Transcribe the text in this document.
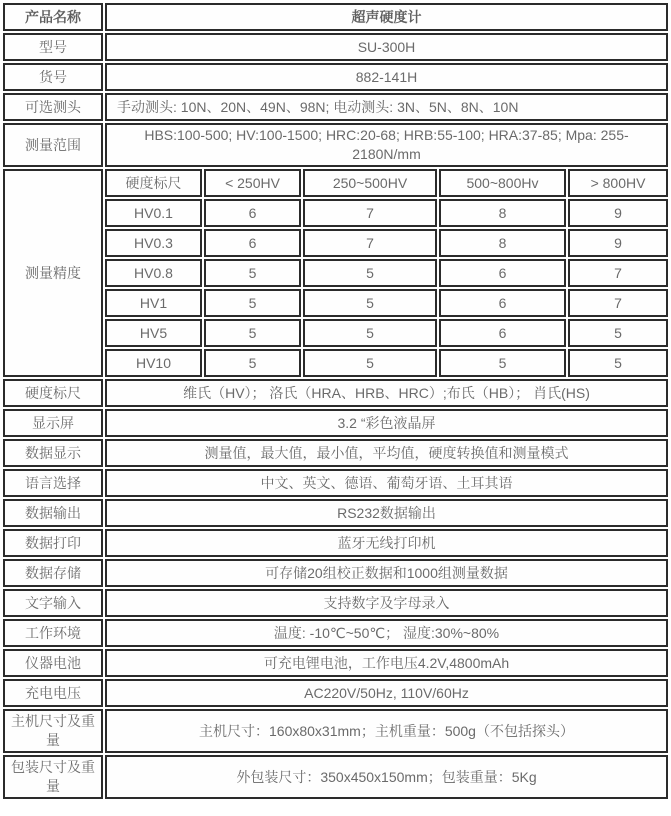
产品名称	超声硬度计				
型号	SU-300H				
货号	882-141H				
可选测头	手动测头: 10N、20N、49N、98N; 电动测头: 3N、5N、8N、10N				
测量范围	HBS:100-500; HV:100-1500; HRC:20-68; HRB:55-100; HRA:37-85; Mpa: 255-2180N/mm				
测量精度	硬度标尺	< 250HV	250~500HV	500~800Hv	> 800HV
	HV0.1	6	7	8	9
	HV0.3	6	7	8	9
	HV0.8	5	5	6	7
	HV1	5	5	6	7
	HV5	5	5	6	5
	HV10	5	5	5	5
硬度标尺	维氏（HV）； 洛氏（HRA、HRB、HRC）;布氏（HB）； 肖氏(HS)				
显示屏	3.2 “彩色液晶屏				
数据显示	测量值，最大值，最小值，平均值，硬度转换值和测量模式				
语言选择	中文、英文、德语、葡萄牙语、土耳其语				
数据输出	RS232数据输出				
数据打印	蓝牙无线打印机				
数据存储	可存储20组校正数据和1000组测量数据				
文字输入	支持数字及字母录入				
工作环境	温度: -10℃~50℃； 湿度:30%~80%				
仪器电池	可充电锂电池，工作电压4.2V,4800mAh				
充电电压	AC220V/50Hz, 110V/60Hz				
主机尺寸及重量	主机尺寸：160x80x31mm；主机重量：500g（不包括探头）				
包装尺寸及重量	外包装尺寸：350x450x150mm；包装重量：5Kg				
